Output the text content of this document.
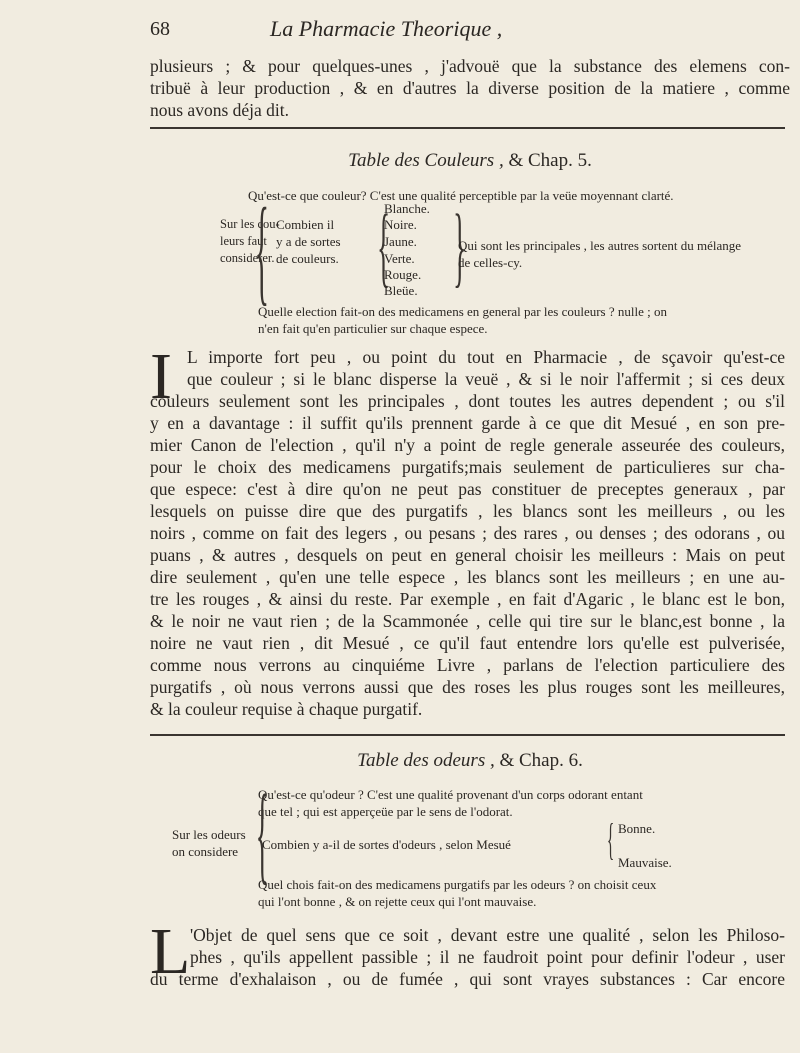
68	La Pharmacie Theorique ,
plusieurs ; & pour quelques-unes , j'advouë que la substance des elemens con-
tribuë à leur production , & en d'autres la diverse position de la matiere , comme
nous avons déja dit.
Table des Couleurs , & Chap. 5.
Qu'est-ce que couleur? C'est une qualité perceptible par la veüe moyennant clarté.
Sur les cou-
leurs faut
considerer.
{ Combien il
y a de sortes
de couleurs. {
Blanche.
Noire.
Jaune.
Verte.
Rouge.
Bleüe. {
Qui sont les principales , les autres sortent du mélange
de celles-cy.
Quelle election fait-on des medicamens en general par les couleurs ? nulle ; on
n'en fait qu'en particulier sur chaque espece.
I L importe fort peu , ou point du tout en Pharmacie , de sçavoir qu'est-ce
que couleur ; si le blanc disperse la veuë , & si le noir l'affermit ; si ces deux
couleurs seulement sont les principales , dont toutes les autres dependent ; ou s'il
y en a davantage : il suffit qu'ils prennent garde à ce que dit Mesué , en son pre-
mier Canon de l'election , qu'il n'y a point de regle generale asseurée des couleurs,
pour le choix des medicamens purgatifs;mais seulement de particulieres sur cha-
que espece: c'est à dire qu'on ne peut pas constituer de preceptes generaux , par
lesquels on puisse dire que des purgatifs , les blancs sont les meilleurs , ou les
noirs , comme on fait des legers , ou pesans ; des rares , ou denses ; des odorans , ou
puans , & autres , desquels on peut en general choisir les meilleurs : Mais on peut
dire seulement , qu'en une telle espece , les blancs sont les meilleurs ; en une au-
tre les rouges , & ainsi du reste. Par exemple , en fait d'Agaric , le blanc est le bon,
& le noir ne vaut rien ; de la Scammonée , celle qui tire sur le blanc,est bonne , la
noire ne vaut rien , dit Mesué , ce qu'il faut entendre lors qu'elle est pulverisée,
comme nous verrons au cinquiéme Livre , parlans de l'election particuliere des
purgatifs , où nous verrons aussi que des roses les plus rouges sont les meilleures,
& la couleur requise à chaque purgatif.
Table des odeurs , & Chap. 6.
Qu'est-ce qu'odeur ? C'est une qualité provenant d'un corps odorant entant
que tel ; qui est apperçeüe par le sens de l'odorat.
Sur les odeurs
on considere {
Combien y a-il de sortes d'odeurs , selon Mesué { Bonne.
Mauvaise.
Quel chois fait-on des medicamens purgatifs par les odeurs ? on choisit ceux
qui l'ont bonne , & on rejette ceux qui l'ont mauvaise.
L 'Objet de quel sens que ce soit , devant estre une qualité , selon les Philoso-
phes , qu'ils appellent passible ; il ne faudroit point pour definir l'odeur , user
du terme d'exhalaison , ou de fumée , qui sont vrayes substances : Car encore
